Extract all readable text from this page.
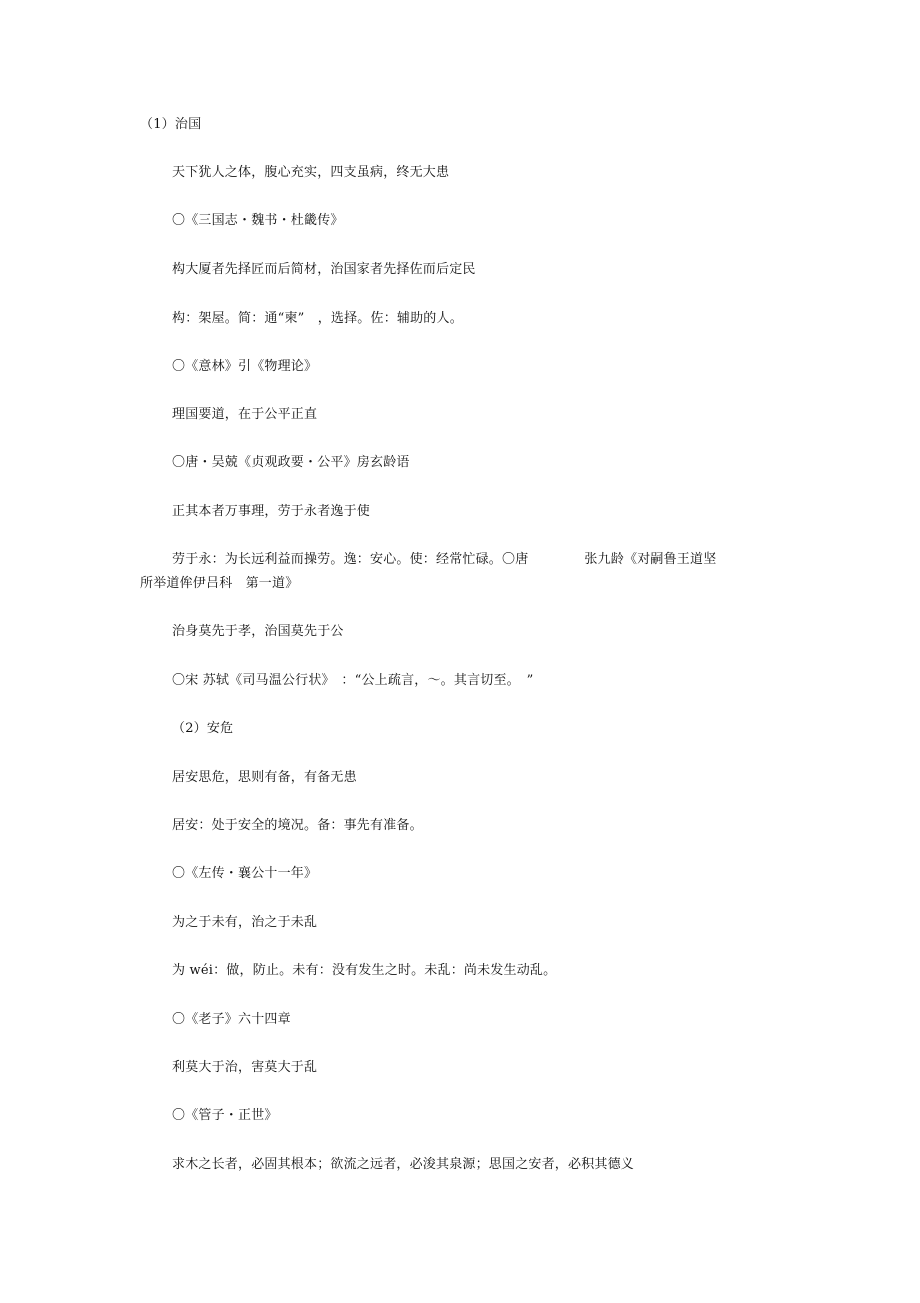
（1）治国
天下犹人之体，腹心充实，四支虽病，终无大患
〇《三国志・魏书・杜畿传》
构大厦者先择匠而后简材，治国家者先择佐而后定民
构：架屋。简：通“柬”　，选择。佐：辅助的人。
〇《意林》引《物理论》
理国要道，在于公平正直
〇唐・吴兢《贞观政要・公平》房玄龄语
正其本者万事理，劳于永者逸于使
劳于永：为长远利益而操劳。逸：安心。使：经常忙碌。〇唐	张九龄《对嗣鲁王道坚
所举道侔伊吕科　第一道》
治身莫先于孝，治国莫先于公
〇宋 苏轼《司马温公行状》　：“公上疏言，～。其言切至。　”
（2）安危
居安思危，思则有备，有备无患
居安：处于安全的境况。备：事先有准备。
〇《左传・襄公十一年》
为之于未有，治之于未乱
为 wéi：做，防止。未有：没有发生之时。未乱：尚未发生动乱。
〇《老子》六十四章
利莫大于治，害莫大于乱
〇《管子・正世》
求木之长者，必固其根本；欲流之远者，必浚其泉源；思国之安者，必积其德义
